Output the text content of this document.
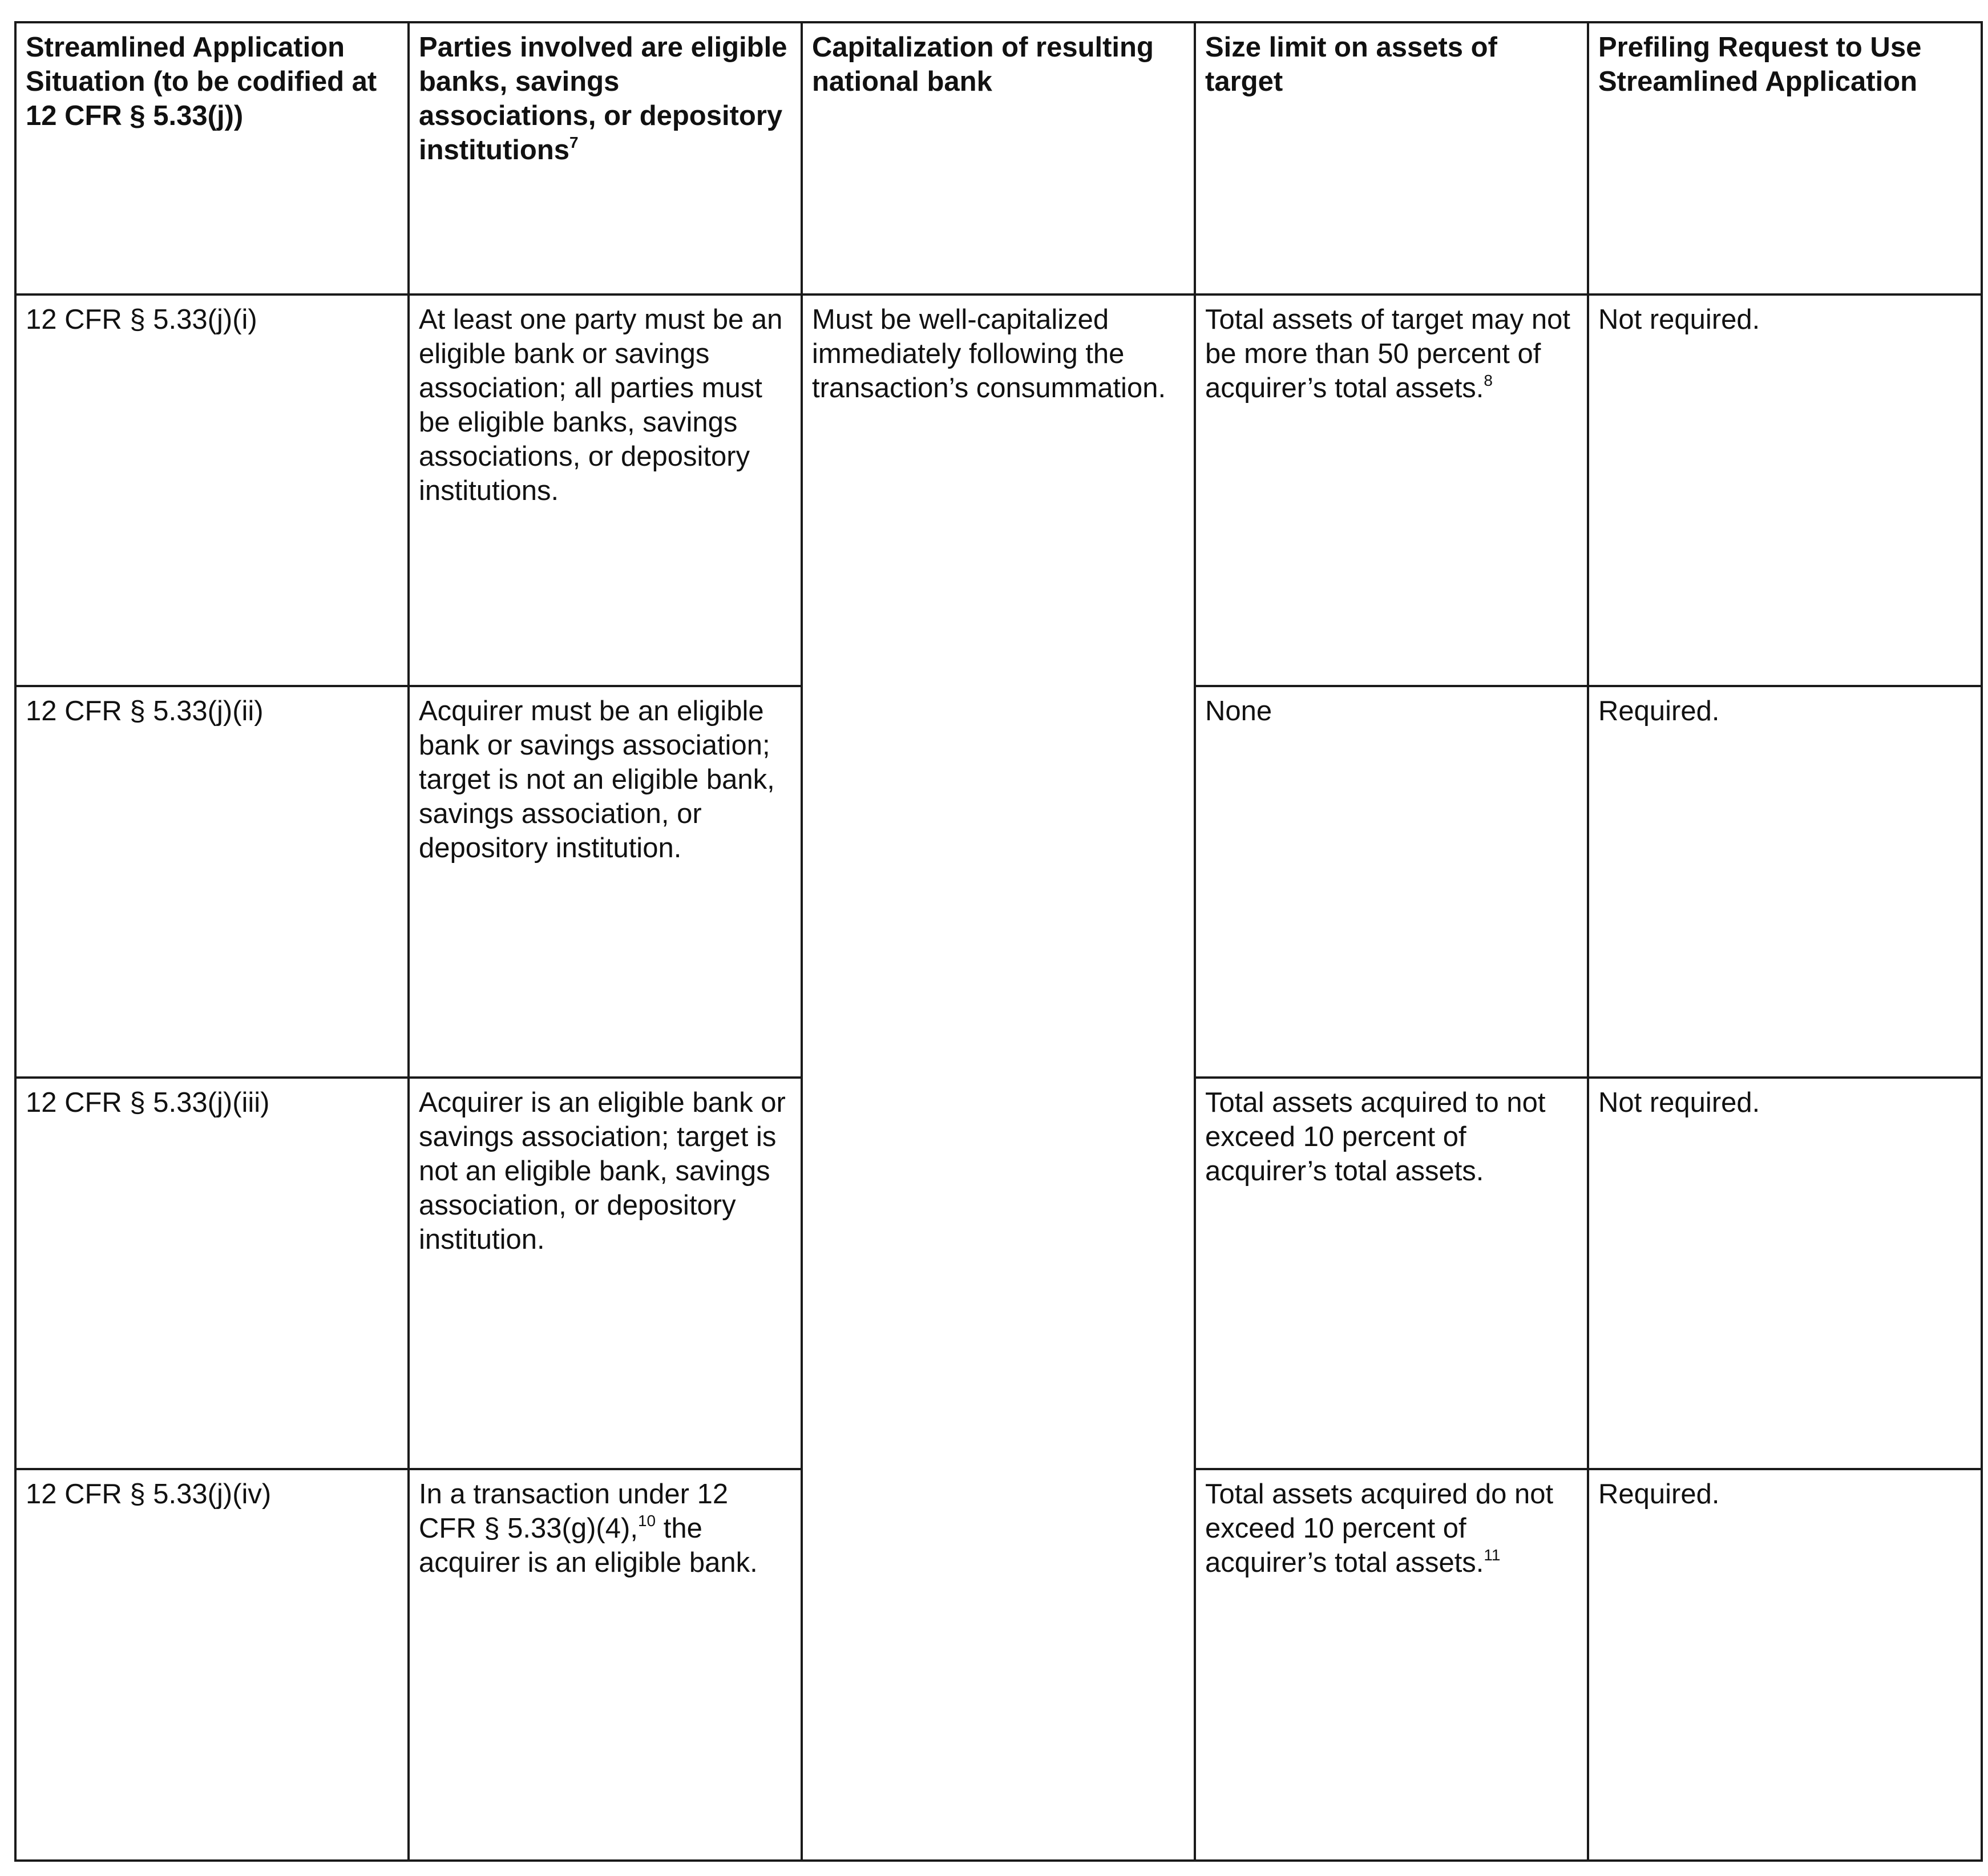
Streamlined Application Situation (to be codified at 12 CFR § 5.33(j))	Parties involved are eligible banks, savings associations, or depository institutions$^7$	Capitalization of resulting national bank	Size limit on assets of target	Prefiling Request to Use Streamlined Application
12 CFR § 5.33(j)(i)	At least one party must be an eligible bank or savings association; all parties must be eligible banks, savings associations, or depository institutions.	Must be well-capitalized immediately following the transaction’s consummation.	Total assets of target may not be more than 50 percent of acquirer’s total assets.$^8$	Not required.
12 CFR § 5.33(j)(ii)	Acquirer must be an eligible bank or savings association; target is not an eligible bank, savings association, or depository institution.		None	Required.
12 CFR § 5.33(j)(iii)	Acquirer is an eligible bank or savings association; target is not an eligible bank, savings association, or depository institution.		Total assets acquired to not exceed 10 percent of acquirer’s total assets.	Not required.
12 CFR § 5.33(j)(iv)	In a transaction under 12 CFR § 5.33(g)(4),$^{10}$ the acquirer is an eligible bank.		Total assets acquired do not exceed 10 percent of acquirer’s total assets.$^{11}$	Required.
